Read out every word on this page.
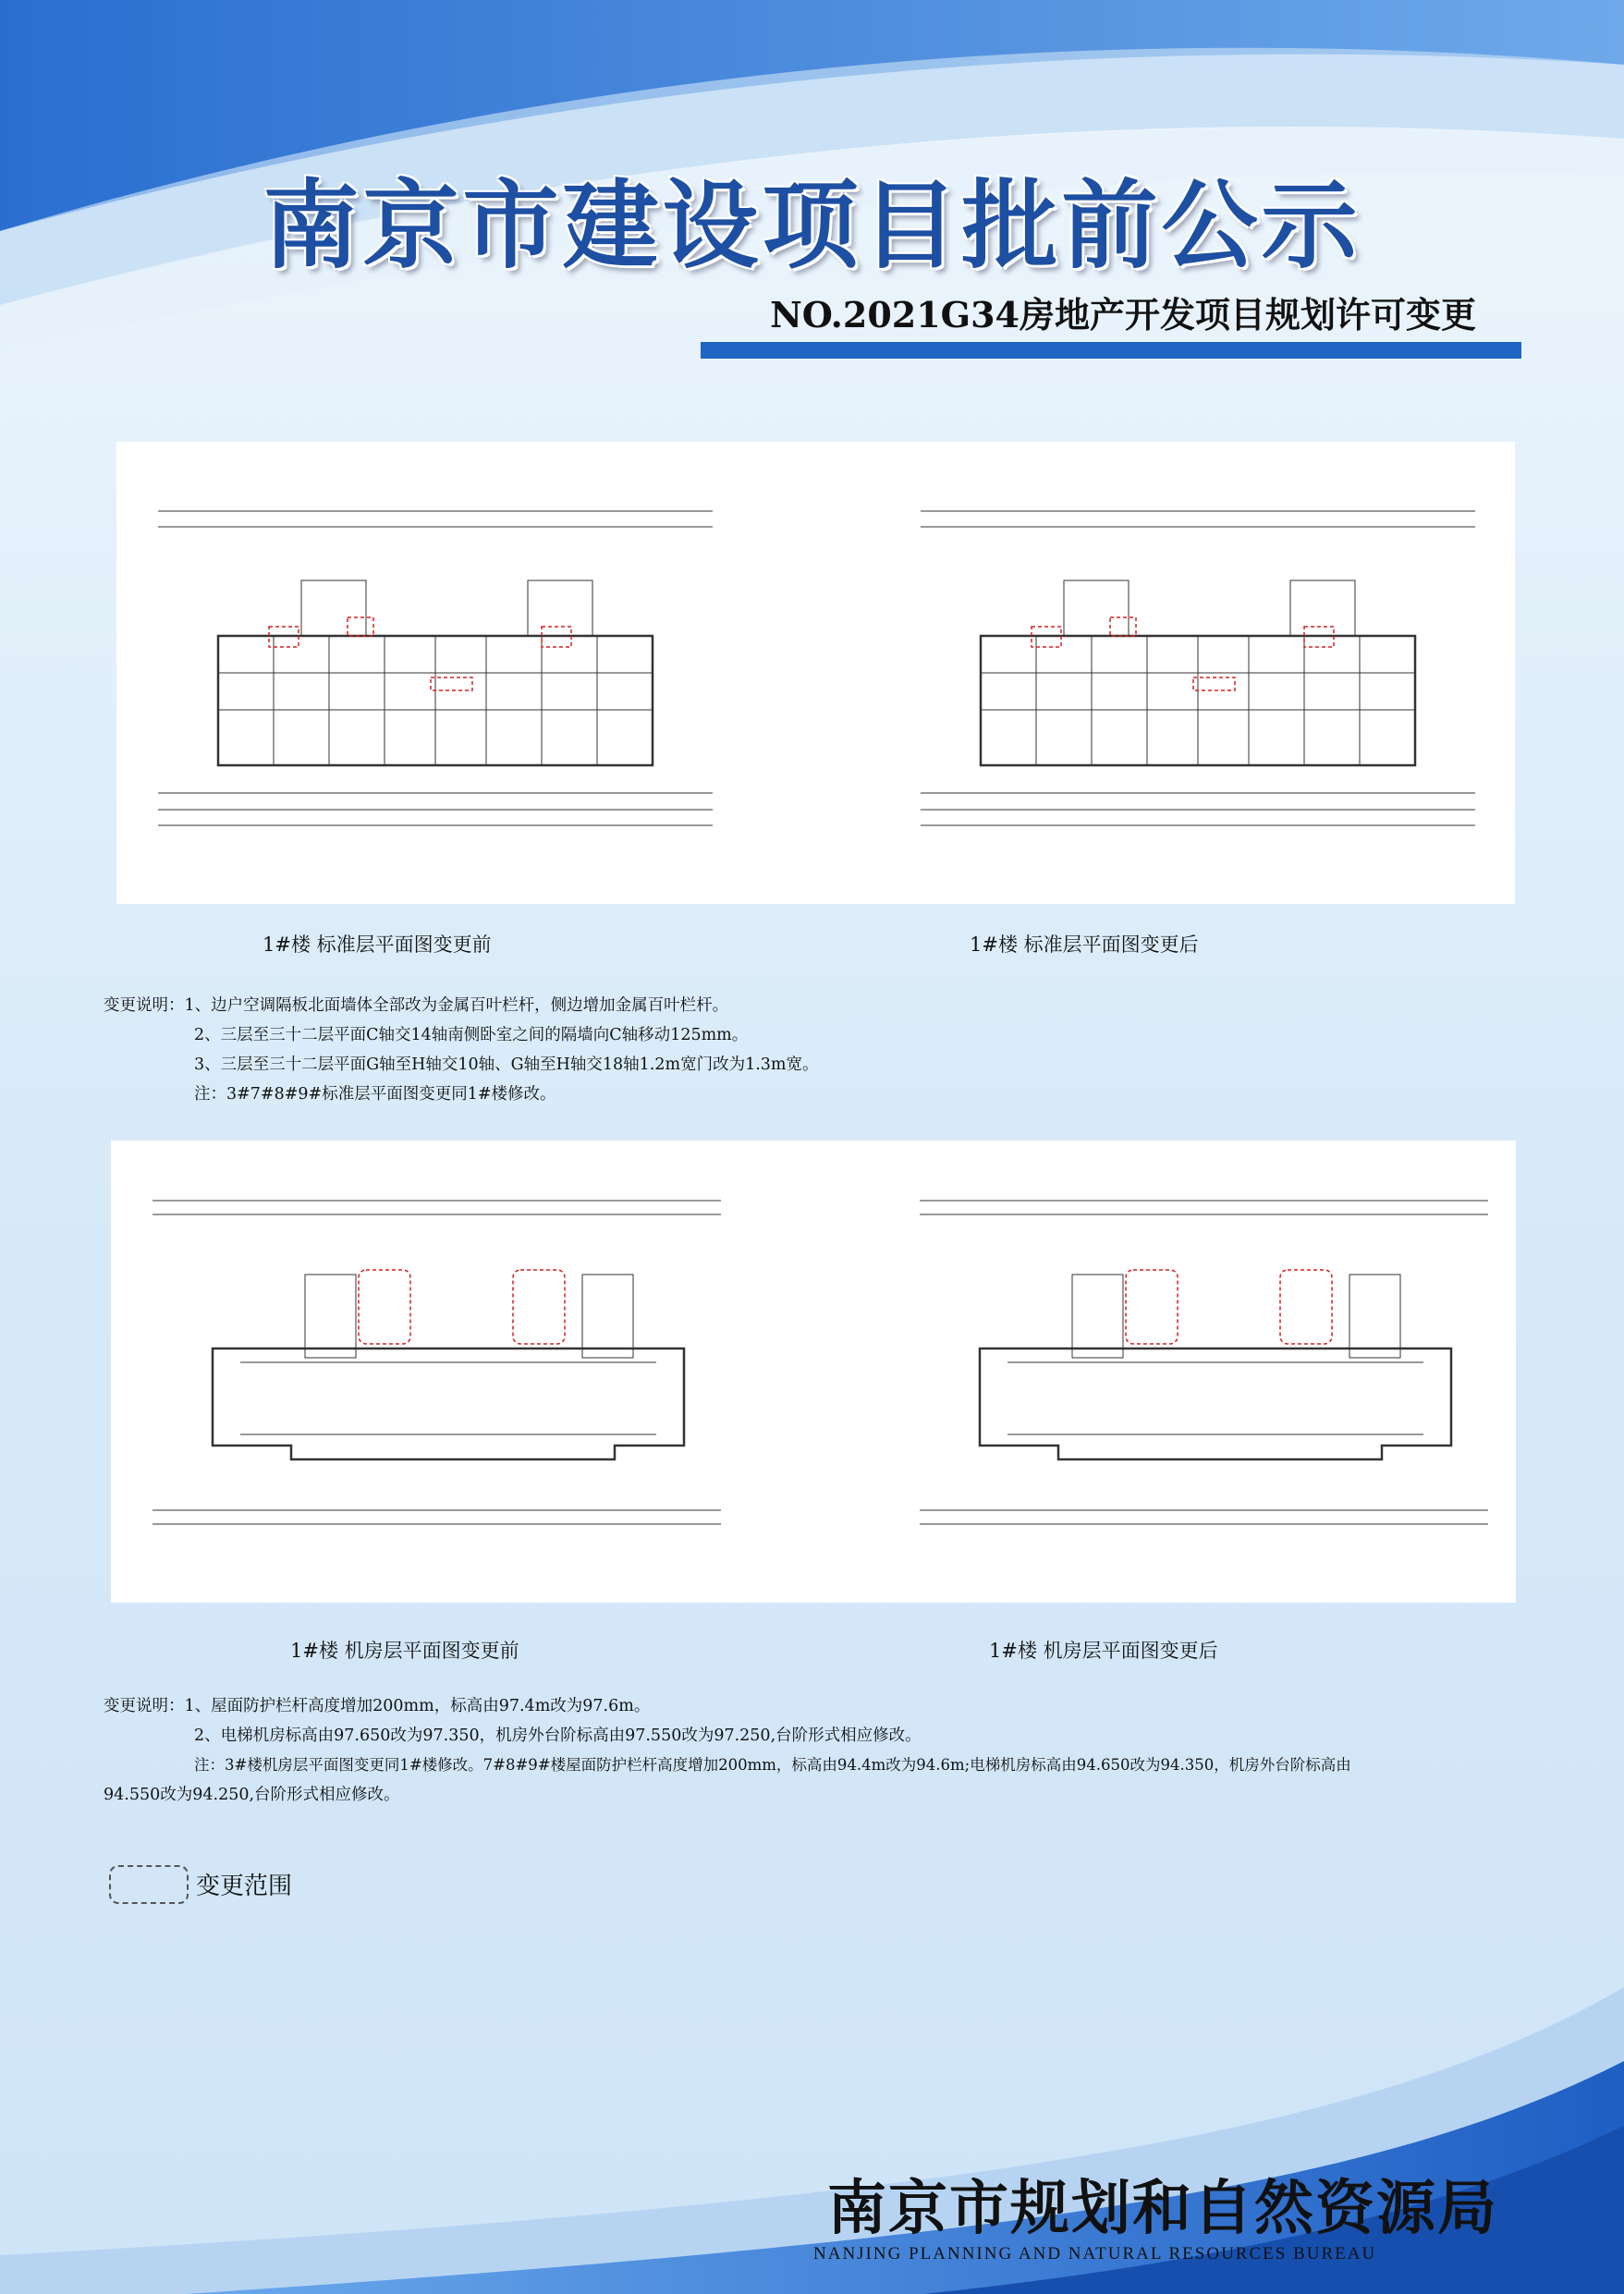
南京市建设项目批前公示
NO.2021G34房地产开发项目规划许可变更
1#楼 标准层平面图变更前	1#楼 标准层平面图变更后

变更说明：1、边户空调隔板北面墙体全部改为金属百叶栏杆，侧边增加金属百叶栏杆。

2、三层至三十二层平面C轴交14轴南侧卧室之间的隔墙向C轴移动125mm。

3、三层至三十二层平面G轴至H轴交10轴、G轴至H轴交18轴1.2m宽门改为1.3m宽。

注：3#7#8#9#标准层平面图变更同1#楼修改。

1#楼 机房层平面图变更前	1#楼 机房层平面图变更后

变更说明：1、屋面防护栏杆高度增加200mm，标高由97.4m改为97.6m。

2、电梯机房标高由97.650改为97.350，机房外台阶标高由97.550改为97.250,台阶形式相应修改。

注：3#楼机房层平面图变更同1#楼修改。7#8#9#楼屋面防护栏杆高度增加200mm，标高由94.4m改为94.6m;电梯机房标高由94.650改为94.350，机房外台阶标高由

94.550改为94.250,台阶形式相应修改。

变更范围
南京市规划和自然资源局
NANJING PLANNING AND NATURAL RESOURCES BUREAU
